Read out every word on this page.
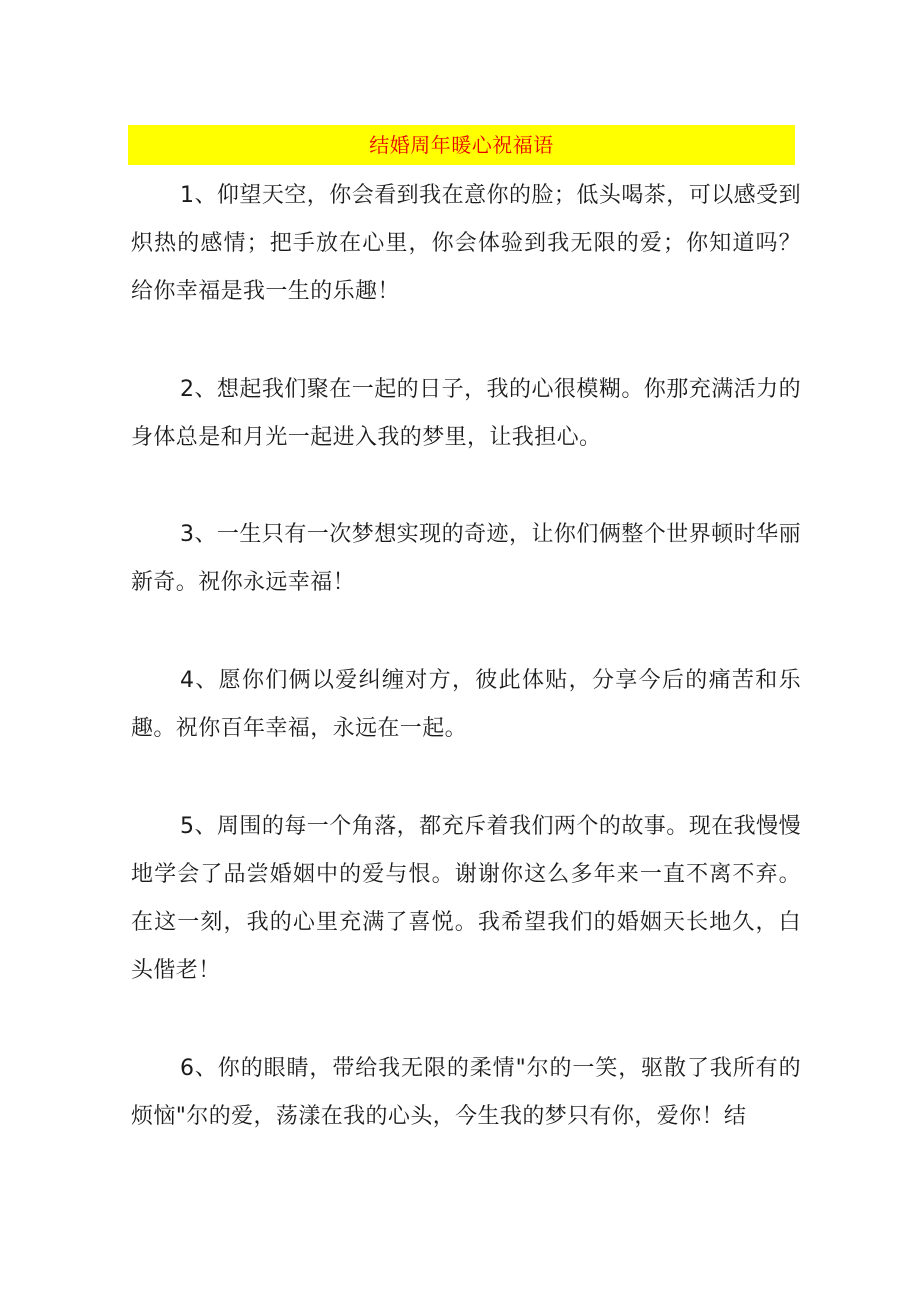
结婚周年暖心祝福语

1、仰望天空，你会看到我在意你的脸；低头喝茶，可以感受到炽热的感情；把手放在心里，你会体验到我无限的爱；你知道吗？给你幸福是我一生的乐趣！

2、想起我们聚在一起的日子，我的心很模糊。你那充满活力的身体总是和月光一起进入我的梦里，让我担心。

3、一生只有一次梦想实现的奇迹，让你们俩整个世界顿时华丽新奇。祝你永远幸福！

4、愿你们俩以爱纠缠对方，彼此体贴，分享今后的痛苦和乐趣。祝你百年幸福，永远在一起。

5、周围的每一个角落，都充斥着我们两个的故事。现在我慢慢地学会了品尝婚姻中的爱与恨。谢谢你这么多年来一直不离不弃。在这一刻，我的心里充满了喜悦。我希望我们的婚姻天长地久，白头偕老！

6、你的眼睛，带给我无限的柔情"尔的一笑，驱散了我所有的烦恼"尔的爱，荡漾在我的心头，今生我的梦只有你，爱你！结
